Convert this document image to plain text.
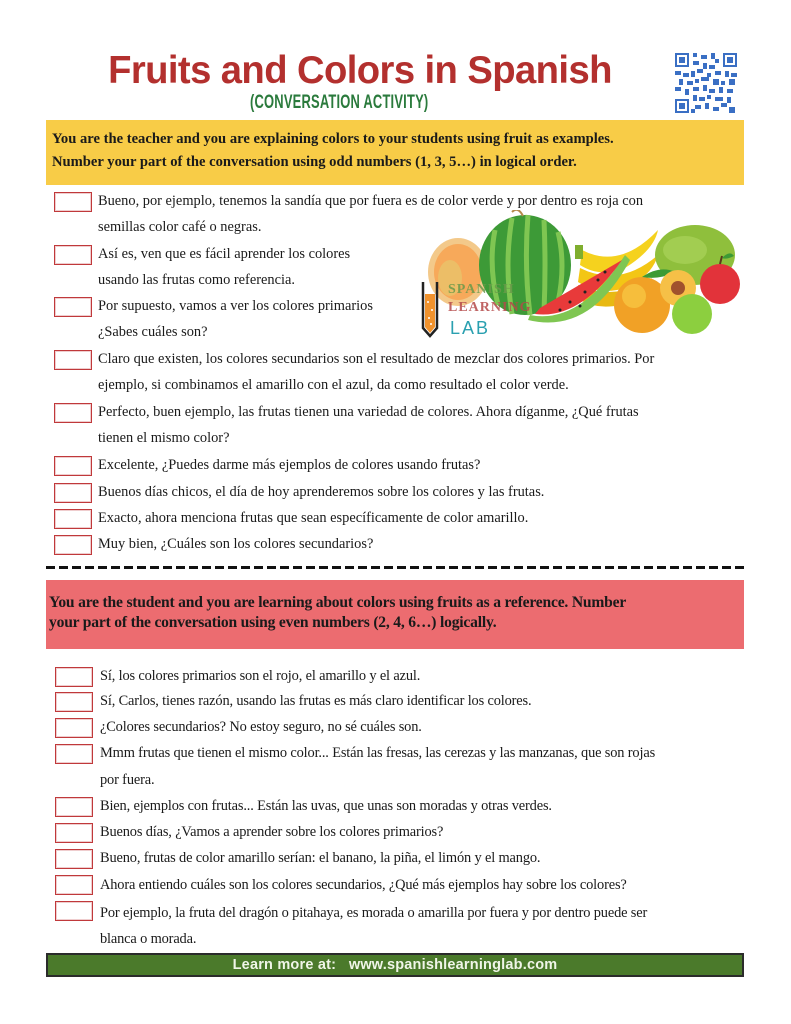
Fruits and Colors in Spanish
(CONVERSATION ACTIVITY)
You are the teacher and you are explaining colors to your students using fruit as examples.
Number your part of the conversation using odd numbers (1, 3, 5…) in logical order.
SPANISH
LEARNING
LAB
Bueno, por ejemplo, tenemos la sandía que por fuera es de color verde y por dentro es roja con
semillas color café o negras.
Así es, ven que es fácil aprender los colores
usando las frutas como referencia.
Por supuesto, vamos a ver los colores primarios
¿Sabes cuáles son?
Claro que existen, los colores secundarios son el resultado de mezclar dos colores primarios. Por
ejemplo, si combinamos el amarillo con el azul, da como resultado el color verde.
Perfecto, buen ejemplo, las frutas tienen una variedad de colores. Ahora díganme, ¿Qué frutas
tienen el mismo color?
Excelente, ¿Puedes darme más ejemplos de colores usando frutas?
Buenos días chicos, el día de hoy aprenderemos sobre los colores y las frutas.
Exacto, ahora menciona frutas que sean específicamente de color amarillo.
Muy bien, ¿Cuáles son los colores secundarios?
You are the student and you are learning about colors using fruits as a reference. Number
your part of the conversation using even numbers (2, 4, 6…) logically.
Sí, los colores primarios son el rojo, el amarillo y el azul.
Sí, Carlos, tienes razón, usando las frutas es más claro identificar los colores.
¿Colores secundarios? No estoy seguro, no sé cuáles son.
Mmm frutas que tienen el mismo color... Están las fresas, las cerezas y las manzanas, que son rojas
por fuera.
Bien, ejemplos con frutas... Están las uvas, que unas son moradas y otras verdes.
Buenos días, ¿Vamos a aprender sobre los colores primarios?
Bueno, frutas de color amarillo serían: el banano, la piña, el limón y el mango.
Ahora entiendo cuáles son los colores secundarios, ¿Qué más ejemplos hay sobre los colores?
Por ejemplo, la fruta del dragón o pitahaya, es morada o amarilla por fuera y por dentro puede ser
blanca o morada.
Learn more at: www.spanishlearninglab.com
